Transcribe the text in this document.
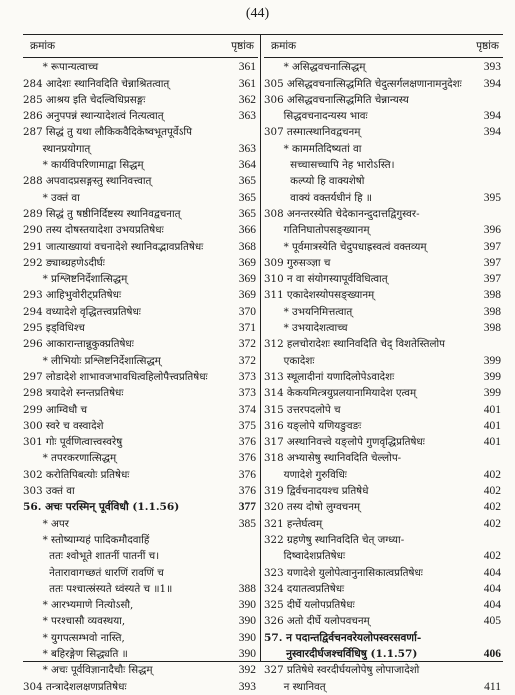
(44)
क्रमांक	पृष्ठांक
* रूपान्यत्वाच्च	361
284 आदेशः स्थानिवदिति चेन्नाश्रितत्वात्	361
285 आश्रय इति चेदल्विधिप्रसङ्गः	362
286 अनुपपन्नं स्थान्यादेशत्वं नित्यत्वात्	363
287 सिद्धं तु यथा लौकिकवैदिकेष्वभूतपूर्वेऽपि
स्थानप्रयोगात्	363
* कार्यविपरिणामाद्वा सिद्धम्	364
288 अपवादप्रसङ्गस्तु स्थानिवत्त्वात्	365
* उक्तं वा	365
289 सिद्धं तु षष्ठीनिर्दिष्टस्य स्थानिवद्वचनात्	365
290 तस्य दोषस्तयादेशा उभयप्रतिषेधः	366
291 जात्याख्यायां वचनादेशे स्थानिवद्भावप्रतिषेधः	368
292 ङ्याब्ग्रहणेऽदीर्घः	369
* प्रश्लिष्टनिर्देशात्सिद्धम्	369
293 आहिभुवोरीट्प्रतिषेधः	369
294 वध्यादेशे वृद्धितत्त्वप्रतिषेधः	370
295 इड्विधिश्च	371
296 आकारान्तान्नुकुक्प्रतिषेधः	372
* लीभियोः प्रश्लिष्टनिर्देशात्सिद्धम्	372
297 लोडादेशे शाभावजभावधित्वहिलोपैत्त्वप्रतिषेधः	373
298 त्रयादेशे स्नन्तप्रतिषेधः	373
299 आम्विधौ च	374
300 स्वरे च वस्वादेशे	375
301 गोः पूर्वणित्वात्त्वस्वरेषु	376
* तपरकरणात्सिद्धम्	376
302 करोतिपिबत्योः प्रतिषेधः	376
303 उक्तं वा	376
56. अचः परस्मिन् पूर्वविधौ (1.1.56)	377
* अपर	385
* स्तोष्याम्यहं पादिकमौदवाहिं
ततः श्वोभूते शातनीं पातनीं च।
नेतारावागच्छतं धारणिं रावणिं च
ततः पश्चात्स्रंस्यते ध्वंस्यते च ॥1॥	388
* आरभ्यमाणे नित्योऽसौ,	390
* परश्चासौ व्यवस्थया,	390
* युगपत्सम्भवो नास्ति,	390
* बहिरङ्गेण सिद्ध्यति ॥	390
* अचः पूर्वविज्ञानादैचौः सिद्धम्	392
304 तन्त्रादेशलक्षणप्रतिषेधः	393
क्रमांक	पृष्ठांक
* असिद्धवचनात्सिद्धम्	393
305 असिद्धवचनात्सिद्धमिति चेदुत्सर्गलक्षणानामनुदेशः	394
306 असिद्धवचनात्सिद्धमिति चेन्नान्यस्य
सिद्धवचनादन्यस्य भावः	394
307 तस्मात्स्थानिवद्वचनम्	394
* काममतिदिष्यतां वा
सच्चासच्चापि नेह भारोऽस्ति।
कल्प्यो हि वाक्यशेषो
वाक्यं वक्तर्यधीनं हि ॥	395
308 अनन्तरस्येति चेदेकानन्दुदात्तद्विगुस्वर-
गतिनिघातोपसङ्ख्यानम्	396
* पूर्वमात्रस्येति चेदुपधाह्रस्वत्वं वक्तव्यम्	397
309 गुरुसञ्ज्ञा च	397
310 न वा संयोगस्यापूर्वविधित्वात्	397
311 एकादेशस्योपसङ्ख्यानम्	398
* उभयनिमित्तत्वात्	398
* उभयादेशत्वाच्च	398
312 हलचोरादेशः स्थानिवदिति चेद् विशतेस्तिलोप
एकादेशः	399
313 स्थूलादीनां यणादिलोपेऽवादेशः	399
314 केकयमित्त्रयुप्रलयानामियादेश एत्वम्	399
315 उत्तरपदलोपे च	401
316 यङ्लोपे यणियङुवङः	401
317 अस्थानिवत्त्वे यङ्लोपे गुणवृद्धिप्रतिषेधः	401
318 अभ्यासेषु स्थानिवदिति चेल्लोप-
यणादेशे गुरुविधिः	402
319 द्विर्वचनादयश्च प्रतिषेधे	402
320 तस्य दोषो लुग्वचनम्	402
321 हन्तेर्घत्वम्	402
322 ग्रहणेषु स्थानिवदिति चेत् जग्ध्या-
दिष्वादेशप्रतिषेधः	402
323 यणादेशे युलोपेत्वानुनासिकात्वप्रतिषेधः	404
324 दयातत्वप्रतिषेधः	404
325 दीर्घे यलोपप्रतिषेधः	404
326 अतो दीर्घे यलोपवचनम्	405
57. न पदान्तद्विर्वचनवरेयलोपस्वरसवर्णा-
नुस्वारदीर्घजश्चर्विधिषु (1.1.57)	406
327 प्रतिषेधे स्वरदीर्घयलोपेषु लोपाजादेशो
न स्थानिवत्	411
